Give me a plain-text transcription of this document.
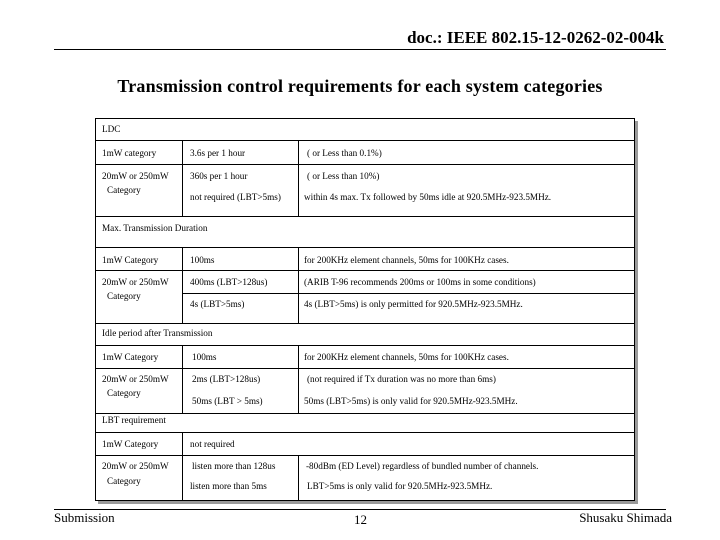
doc.: IEEE 802.15-12-0262-02-004k
Transmission control requirements for each system categories
LDC
1mW category	3.6s per 1 hour	( or Less than 0.1%)
20mW or 250mW
Category
360s per 1 hour	( or Less than 10%)
not required (LBT>5ms)	within 4s max. Tx followed by 50ms idle at 920.5MHz-923.5MHz.
Max. Transmission Duration
1mW Category	100ms	for 200KHz element channels, 50ms for 100KHz cases.
20mW or 250mW
Category
400ms (LBT>128us)	(ARIB T-96 recommends 200ms or 100ms in some conditions)
4s (LBT>5ms)	4s (LBT>5ms) is only permitted for 920.5MHz-923.5MHz.
Idle period after Transmission
1mW Category	100ms	for 200KHz element channels, 50ms for 100KHz cases.
20mW or 250mW
Category
2ms (LBT>128us)	(not required if Tx duration was no more than 6ms)
50ms (LBT > 5ms)	50ms (LBT>5ms) is only valid for 920.5MHz-923.5MHz.
LBT requirement
1mW Category	not required
20mW or 250mW
Category
listen more than 128us	-80dBm (ED Level) regardless of bundled number of channels.
listen more than 5ms	LBT>5ms is only valid for 920.5MHz-923.5MHz.
Submission	12	Shusaku Shimada
